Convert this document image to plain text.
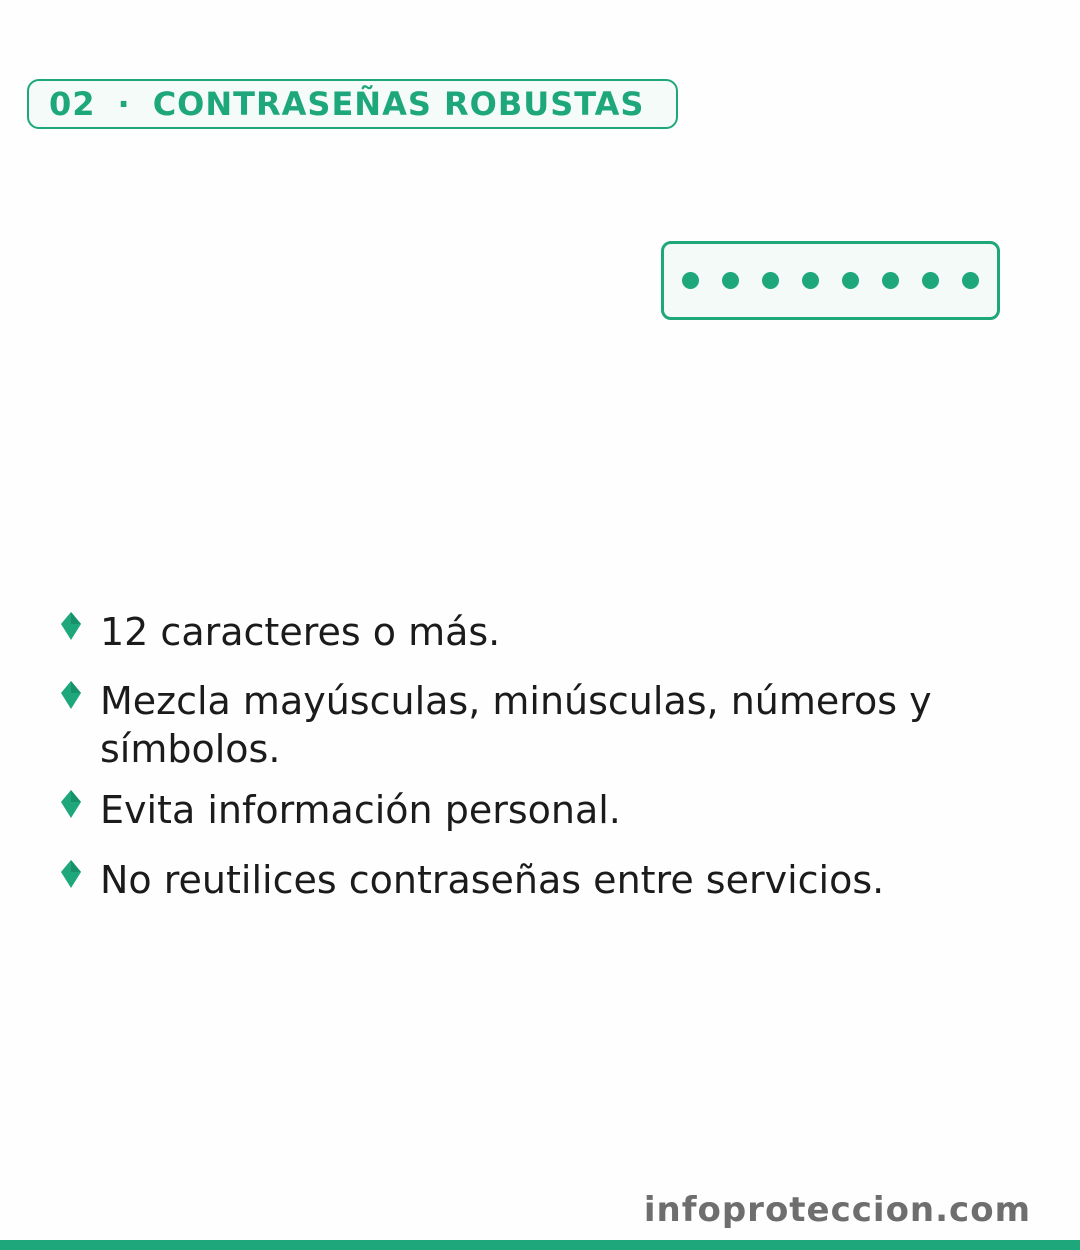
02 · CONTRASEÑAS ROBUSTAS
12 caracteres o más.
Mezcla mayúsculas, minúsculas, números y símbolos.
Evita información personal.
No reutilices contraseñas entre servicios.
infoproteccion.com
